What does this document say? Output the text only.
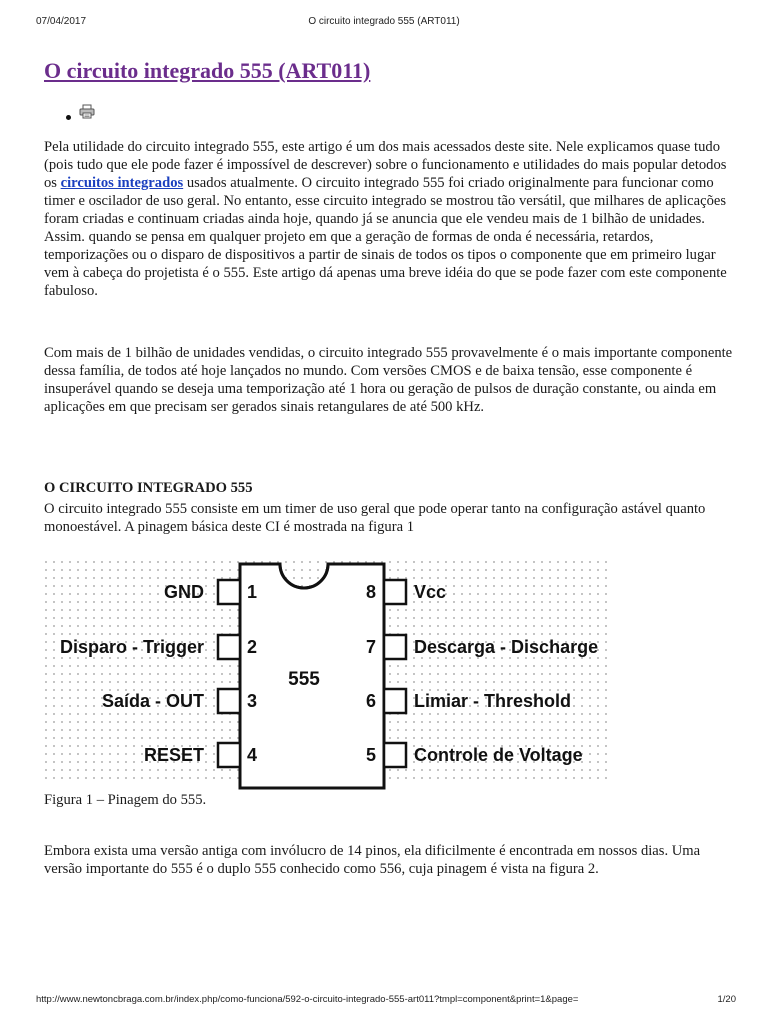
07/04/2017	O circuito integrado 555 (ART011)
O circuito integrado 555 (ART011)

Pela utilidade do circuito integrado 555, este artigo é um dos mais acessados deste site. Nele explicamos quase tudo (pois tudo que ele pode fazer é impossível de descrever) sobre o funcionamento e utilidades do mais popular detodos os circuitos integrados usados atualmente. O circuito integrado 555 foi criado originalmente para funcionar como timer e oscilador de uso geral. No entanto, esse circuito integrado se mostrou tão versátil, que milhares de aplicações foram criadas e continuam criadas ainda hoje, quando já se anuncia que ele vendeu mais de 1 bilhão de unidades. Assim. quando se pensa em qualquer projeto em que a geração de formas de onda é necessária, retardos, temporizações ou o disparo de dispositivos a partir de sinais de todos os tipos o componente que em primeiro lugar vem à cabeça do projetista é o 555. Este artigo dá apenas uma breve idéia do que se pode fazer com este componente fabuloso.

Com mais de 1 bilhão de unidades vendidas, o circuito integrado 555 provavelmente é o mais importante componente dessa família, de todos até hoje lançados no mundo. Com versões CMOS e de baixa tensão, esse componente é insuperável quando se deseja uma temporização até 1 hora ou geração de pulsos de duração constante, ou ainda em aplicações em que precisam ser gerados sinais retangulares de até 500 kHz.

O CIRCUITO INTEGRADO 555

O circuito integrado 555 consiste em um timer de uso geral que pode operar tanto na configuração astável quanto monoestável. A pinagem básica deste CI é mostrada na figura 1

555
GND
Disparo - Trigger
Saída - OUT
RESET
1
2
3
4
8
7
6
5
Vcc
Descarga - Discharge
Limiar - Threshold
Controle de Voltage

Figura 1 – Pinagem do 555.

Embora exista uma versão antiga com invólucro de 14 pinos, ela dificilmente é encontrada em nossos dias. Uma versão importante do 555 é o duplo 555 conhecido como 556, cuja pinagem é vista na figura 2.

http://www.newtoncbraga.com.br/index.php/como-funciona/592-o-circuito-integrado-555-art011?tmpl=component&print=1&page=	1/20
